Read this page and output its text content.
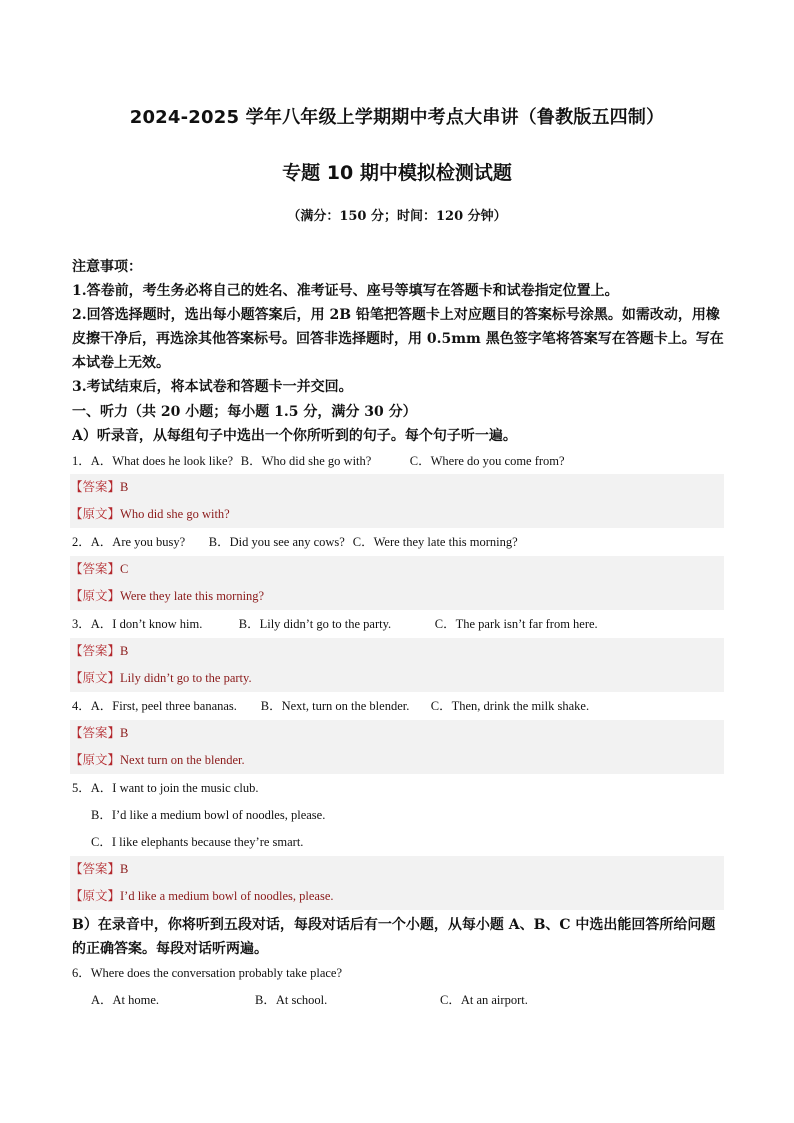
2024-2025 学年八年级上学期期中考点大串讲（鲁教版五四制）
专题 10 期中模拟检测试题
（满分：150 分；时间：120 分钟）

注意事项：

1.答卷前，考生务必将自己的姓名、准考证号、座号等填写在答题卡和试卷指定位置上。

2.回答选择题时，选出每小题答案后，用 2B 铅笔把答题卡上对应题目的答案标号涂黑。如需改动，用橡皮擦干净后，再选涂其他答案标号。回答非选择题时，用 0.5mm 黑色签字笔将答案写在答题卡上。写在本试卷上无效。

3.考试结束后，将本试卷和答题卡一并交回。

一、听力（共 20 小题；每小题 1.5 分，满分 30 分）
A）听录音，从每组句子中选出一个你所听到的句子。每个句子听一遍。
1．A．What does he look like? B．Who did she go with?	C．Where do you come from?
【答案】B
【原文】Who did she go with?
2．A．Are you busy? B．Did you see any cows? C．Were they late this morning?
【答案】C
【原文】Were they late this morning?
3．A．I don’t know him.	B．Lily didn’t go to the party.	C．The park isn’t far from here.
【答案】B
【原文】Lily didn’t go to the party.
4．A．First, peel three bananas. B．Next, turn on the blender. C．Then, drink the milk shake.
【答案】B
【原文】Next turn on the blender.
5．A．I want to join the music club.
B．I’d like a medium bowl of noodles, please.
C．I like elephants because they’re smart.
【答案】B
【原文】I’d like a medium bowl of noodles, please.
B）在录音中，你将听到五段对话，每段对话后有一个小题，从每小题 A、B、C 中选出能回答所给问题的正确答案。每段对话听两遍。
6．Where does the conversation probably take place?
A．At home.	B．At school.	C．At an airport.
